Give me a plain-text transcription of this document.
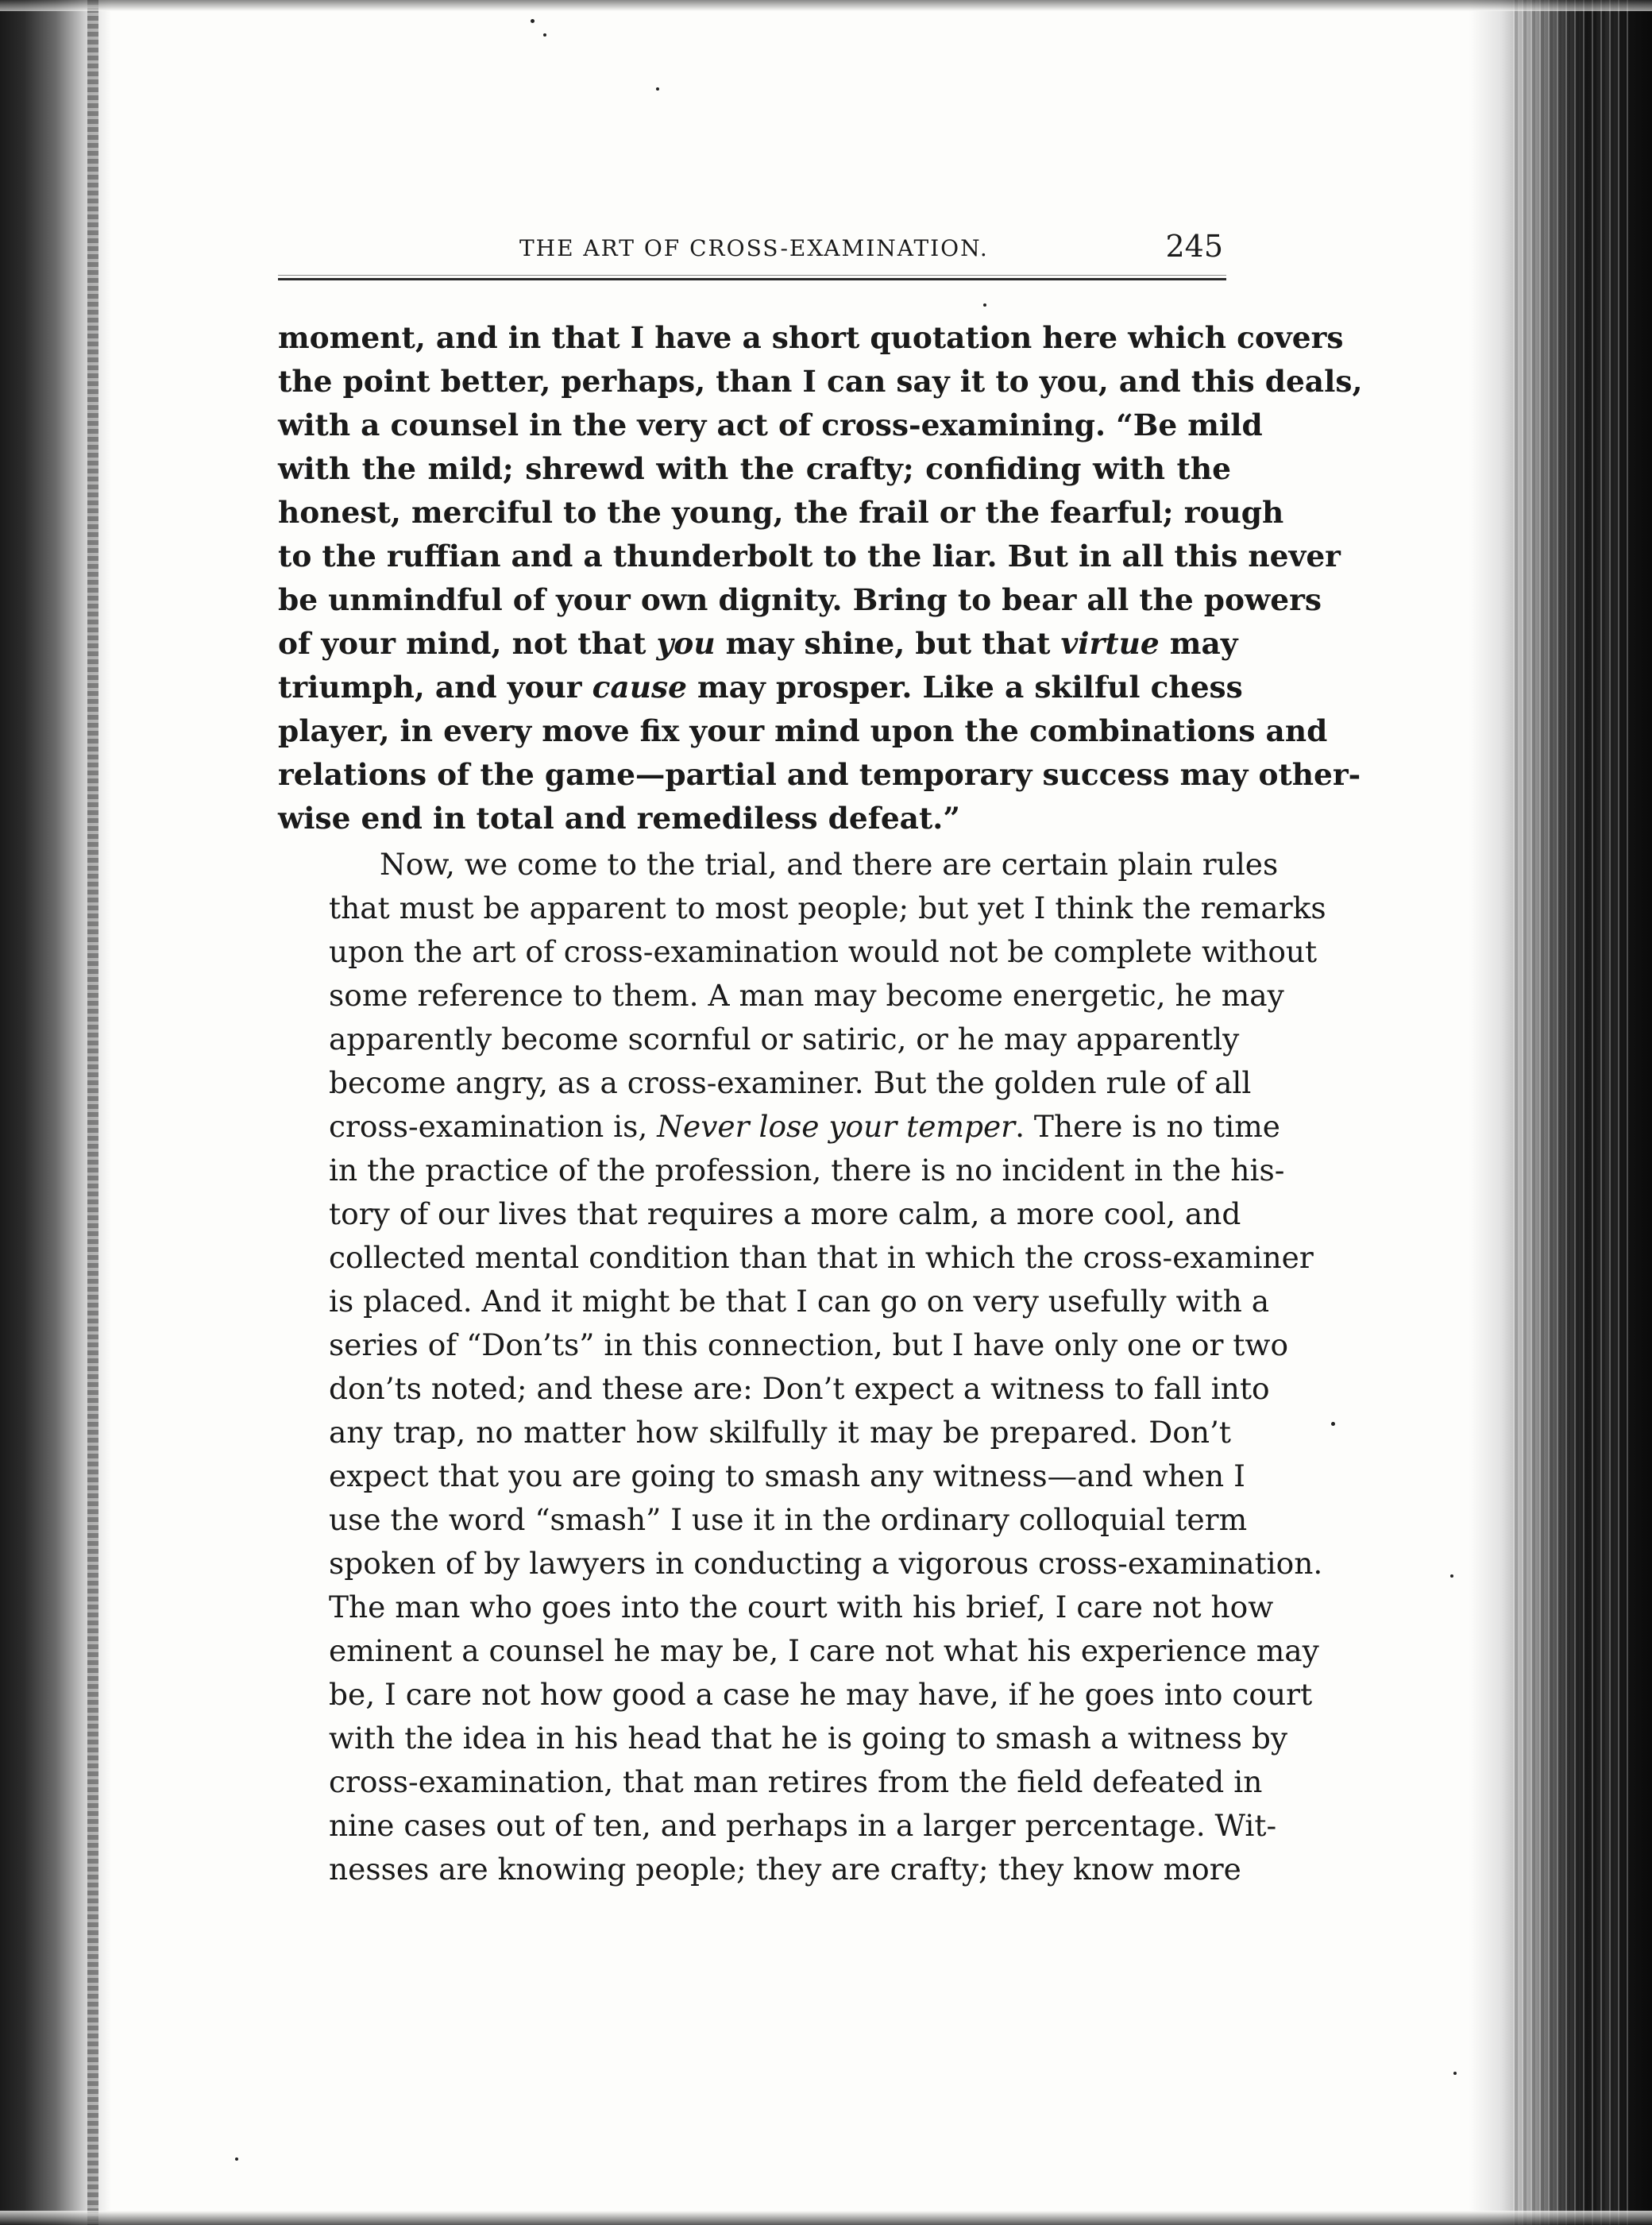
THE ART OF CROSS-EXAMINATION.	245

moment, and in that I have a short quotation here which covers
the point better, perhaps, than I can say it to you, and this deals,
with a counsel in the very act of cross-examining. “Be mild
with the mild; shrewd with the crafty; confiding with the
honest, merciful to the young, the frail or the fearful; rough
to the ruffian and a thunderbolt to the liar. But in all this never
be unmindful of your own dignity. Bring to bear all the powers
of your mind, not that you may shine, but that virtue may
triumph, and your cause may prosper. Like a skilful chess
player, in every move fix your mind upon the combinations and
relations of the game—partial and temporary success may other-
wise end in total and remediless defeat.”

Now, we come to the trial, and there are certain plain rules
that must be apparent to most people; but yet I think the remarks
upon the art of cross-examination would not be complete without
some reference to them. A man may become energetic, he may
apparently become scornful or satiric, or he may apparently
become angry, as a cross-examiner. But the golden rule of all
cross-examination is, Never lose your temper. There is no time
in the practice of the profession, there is no incident in the his-
tory of our lives that requires a more calm, a more cool, and
collected mental condition than that in which the cross-examiner
is placed. And it might be that I can go on very usefully with a
series of “Don’ts” in this connection, but I have only one or two
don’ts noted; and these are: Don’t expect a witness to fall into
any trap, no matter how skilfully it may be prepared. Don’t
expect that you are going to smash any witness—and when I
use the word “smash” I use it in the ordinary colloquial term
spoken of by lawyers in conducting a vigorous cross-examination.
The man who goes into the court with his brief, I care not how
eminent a counsel he may be, I care not what his experience may
be, I care not how good a case he may have, if he goes into court
with the idea in his head that he is going to smash a witness by
cross-examination, that man retires from the field defeated in
nine cases out of ten, and perhaps in a larger percentage. Wit-
nesses are knowing people; they are crafty; they know more
